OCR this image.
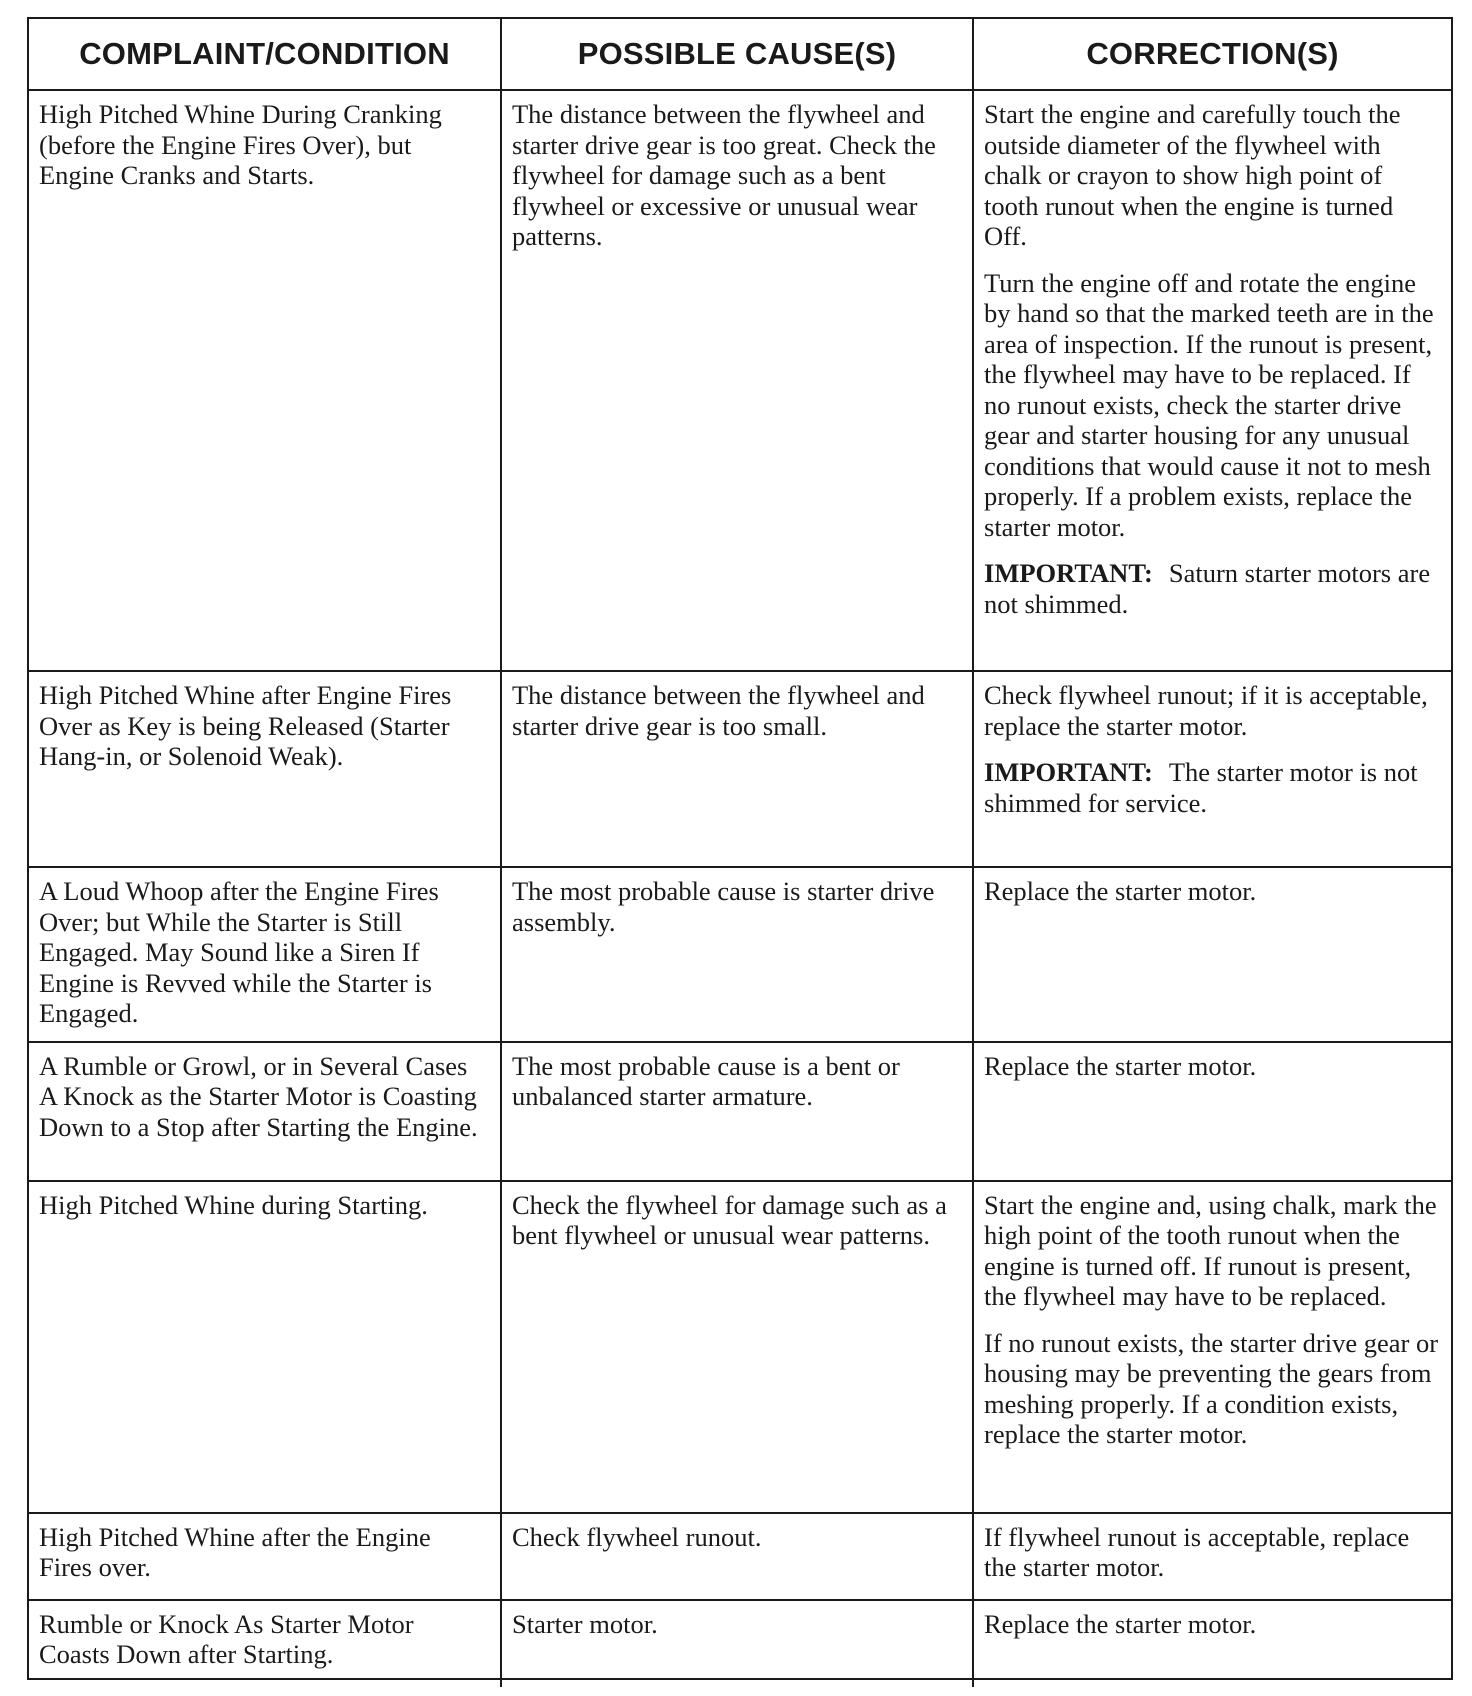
COMPLAINT/CONDITION	POSSIBLE CAUSE(S)	CORRECTION(S)
High Pitched Whine During Cranking (before the Engine Fires Over), but Engine Cranks and Starts.	The distance between the flywheel and starter drive gear is too great. Check the flywheel for damage such as a bent flywheel or excessive or unusual wear patterns.	Start the engine and carefully touch the outside diameter of the flywheel with chalk or crayon to show high point of tooth runout when the engine is turned Off.

Turn the engine off and rotate the engine by hand so that the marked teeth are in the area of inspection. If the runout is present, the flywheel may have to be replaced. If no runout exists, check the starter drive gear and starter housing for any unusual conditions that would cause it not to mesh properly. If a problem exists, replace the starter motor.

IMPORTANT: Saturn starter motors are not shimmed.

High Pitched Whine after Engine Fires Over as Key is being Released (Starter Hang-in, or Solenoid Weak).	The distance between the flywheel and starter drive gear is too small.	Check flywheel runout; if it is acceptable, replace the starter motor.

IMPORTANT: The starter motor is not shimmed for service.

A Loud Whoop after the Engine Fires Over; but While the Starter is Still Engaged. May Sound like a Siren If Engine is Revved while the Starter is Engaged.	The most probable cause is starter drive assembly.	Replace the starter motor.

A Rumble or Growl, or in Several Cases A Knock as the Starter Motor is Coasting Down to a Stop after Starting the Engine.	The most probable cause is a bent or unbalanced starter armature.	Replace the starter motor.

High Pitched Whine during Starting.	Check the flywheel for damage such as a bent flywheel or unusual wear patterns.	Start the engine and, using chalk, mark the high point of the tooth runout when the engine is turned off. If runout is present, the flywheel may have to be replaced.

If no runout exists, the starter drive gear or housing may be preventing the gears from meshing properly. If a condition exists, replace the starter motor.

High Pitched Whine after the Engine Fires over.	Check flywheel runout.	If flywheel runout is acceptable, replace the starter motor.

Rumble or Knock As Starter Motor Coasts Down after Starting.	Starter motor.	Replace the starter motor.
